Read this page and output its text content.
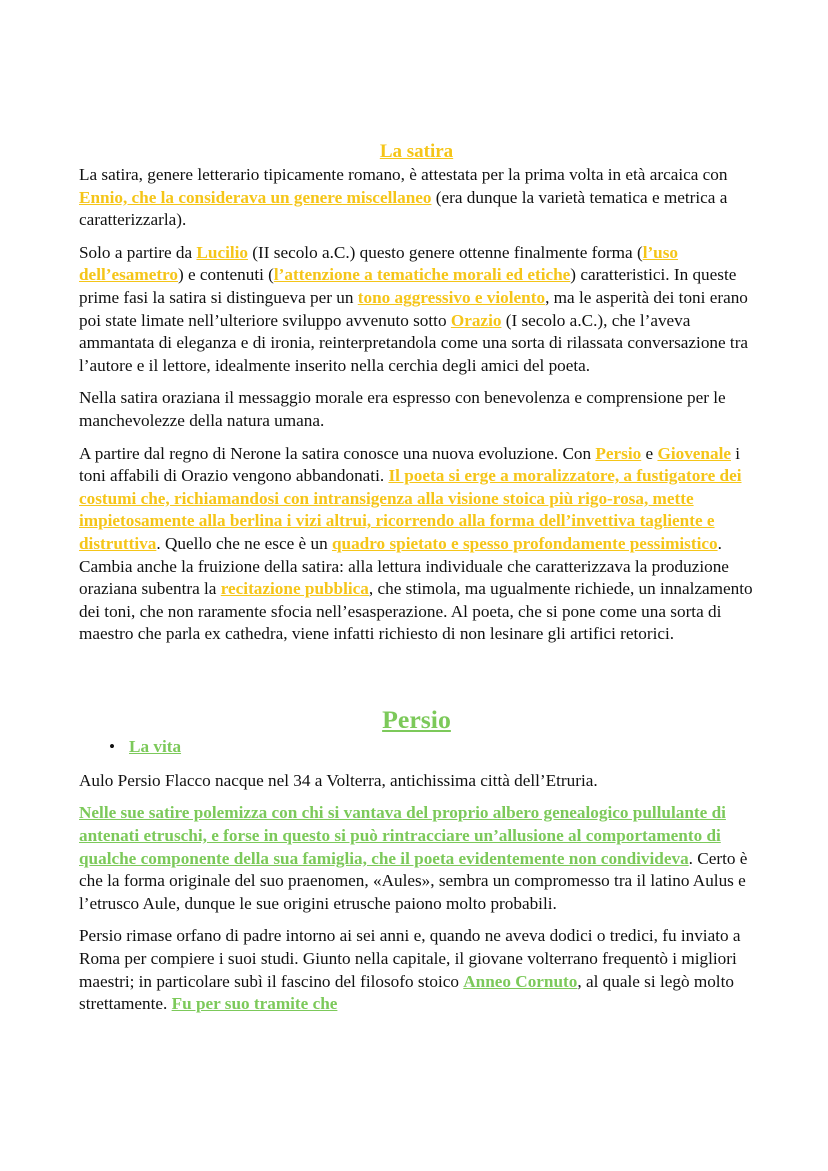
La satira

La satira, genere letterario tipicamente romano, è attestata per la prima volta in età arcaica con Ennio, che la considerava un genere miscellaneo (era dunque la varietà tematica e metrica a caratterizzarla).

Solo a partire da Lucilio (II secolo a.C.) questo genere ottenne finalmente forma (l’uso dell’esametro) e contenuti (l’attenzione a tematiche morali ed etiche) caratteristici. In queste prime fasi la satira si distingueva per un tono aggressivo e violento, ma le asperità dei toni erano poi state limate nell’ulteriore sviluppo avvenuto sotto Orazio (I secolo a.C.), che l’aveva ammantata di eleganza e di ironia, reinterpretandola come una sorta di rilassata conversazione tra l’autore e il lettore, idealmente inserito nella cerchia degli amici del poeta.

Nella satira oraziana il messaggio morale era espresso con benevolenza e comprensione per le manchevolezze della natura umana.

A partire dal regno di Nerone la satira conosce una nuova evoluzione. Con Persio e Giovenale i toni affabili di Orazio vengono abbandonati. Il poeta si erge a moralizzatore, a fustigatore dei costumi che, richiamandosi con intransigenza alla visione stoica più rigo-rosa, mette impietosamente alla berlina i vizi altrui, ricorrendo alla forma dell’invettiva tagliente e distruttiva. Quello che ne esce è un quadro spietato e spesso profondamente pessimistico. Cambia anche la fruizione della satira: alla lettura individuale che caratterizzava la produzione oraziana subentra la recitazione pubblica, che stimola, ma ugualmente richiede, un innalzamento dei toni, che non raramente sfocia nell’esasperazione. Al poeta, che si pone come una sorta di maestro che parla ex cathedra, viene infatti richiesto di non lesinare gli artifici retorici.

Persio
• La vita

Aulo Persio Flacco nacque nel 34 a Volterra, antichissima città dell’Etruria.

Nelle sue satire polemizza con chi si vantava del proprio albero genealogico pullulante di antenati etruschi, e forse in questo si può rintracciare un’allusione al comportamento di qualche componente della sua famiglia, che il poeta evidentemente non condivideva. Certo è che la forma originale del suo praenomen, «Aules», sembra un compromesso tra il latino Aulus e l’etrusco Aule, dunque le sue origini etrusche paiono molto probabili.

Persio rimase orfano di padre intorno ai sei anni e, quando ne aveva dodici o tredici, fu inviato a Roma per compiere i suoi studi. Giunto nella capitale, il giovane volterrano frequentò i migliori maestri; in particolare subì il fascino del filosofo stoico Anneo Cornuto, al quale si legò molto strettamente. Fu per suo tramite che
